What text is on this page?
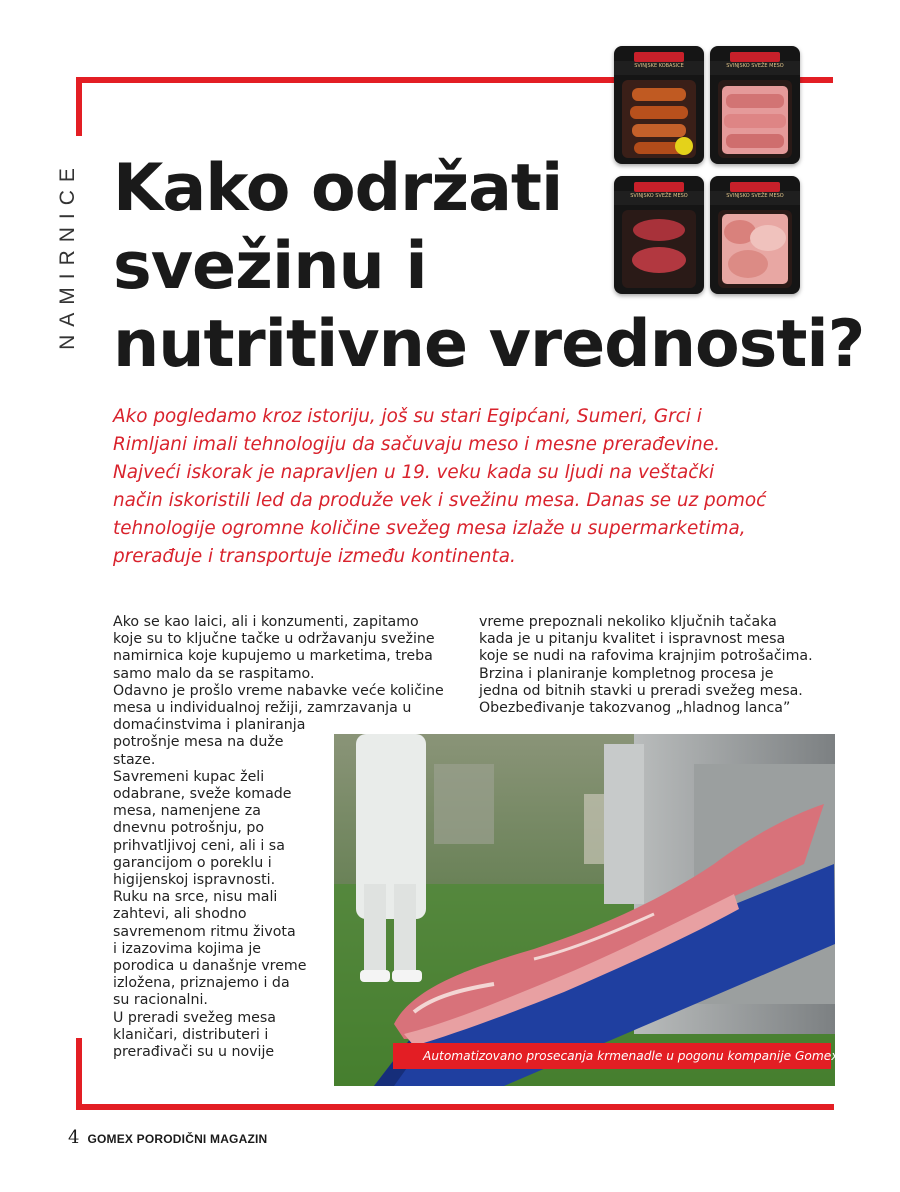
NAMIRNICE Kako održati
svežinu i
nutritivne vrednosti?
SVINJSKE KOBASICE	SVINJSKO SVEŽE MESO
SVINJSKO SVEŽE MESO	SVINJSKO SVEŽE MESO

Ako pogledamo kroz istoriju, još su stari Egipćani, Sumeri, Grci i
Rimljani imali tehnologiju da sačuvaju meso i mesne prerađevine.
Najveći iskorak je napravljen u 19. veku kada su ljudi na veštački
način iskoristili led da produže vek i svežinu mesa. Danas se uz pomoć
tehnologije ogromne količine svežeg mesa izlaže u supermarketima,
prerađuje i transportuje između kontinenta.

Ako se kao laici, ali i konzumenti, zapitamo
koje su to ključne tačke u održavanju svežine
namirnica koje kupujemo u marketima, treba
samo malo da se raspitamo.
Odavno je prošlo vreme nabavke veće količine
mesa u individualnoj režiji, zamrzavanja u
domaćinstvima i planiranja
potrošnje mesa na duže
staze.
Savremeni kupac želi
odabrane, sveže komade
mesa, namenjene za
dnevnu potrošnju, po
prihvatljivoj ceni, ali i sa
garancijom o poreklu i
higijenskoj ispravnosti.
Ruku na srce, nisu mali
zahtevi, ali shodno
savremenom ritmu života
i izazovima kojima je
porodica u današnje vreme
izložena, priznajemo i da
su racionalni.
U preradi svežeg mesa
klaničari, distributeri i
prerađivači su u novije

vreme prepoznali nekoliko ključnih tačaka
kada je u pitanju kvalitet i ispravnost mesa
koje se nudi na rafovima krajnjim potrošačima.
Brzina i planiranje kompletnog procesa je
jedna od bitnih stavki u preradi svežeg mesa.
Obezbeđivanje takozvanog „hladnog lanca”

Automatizovano prosecanja krmenadle u pogonu kompanije Gomex
4 GOMEX PORODIČNI MAGAZIN
